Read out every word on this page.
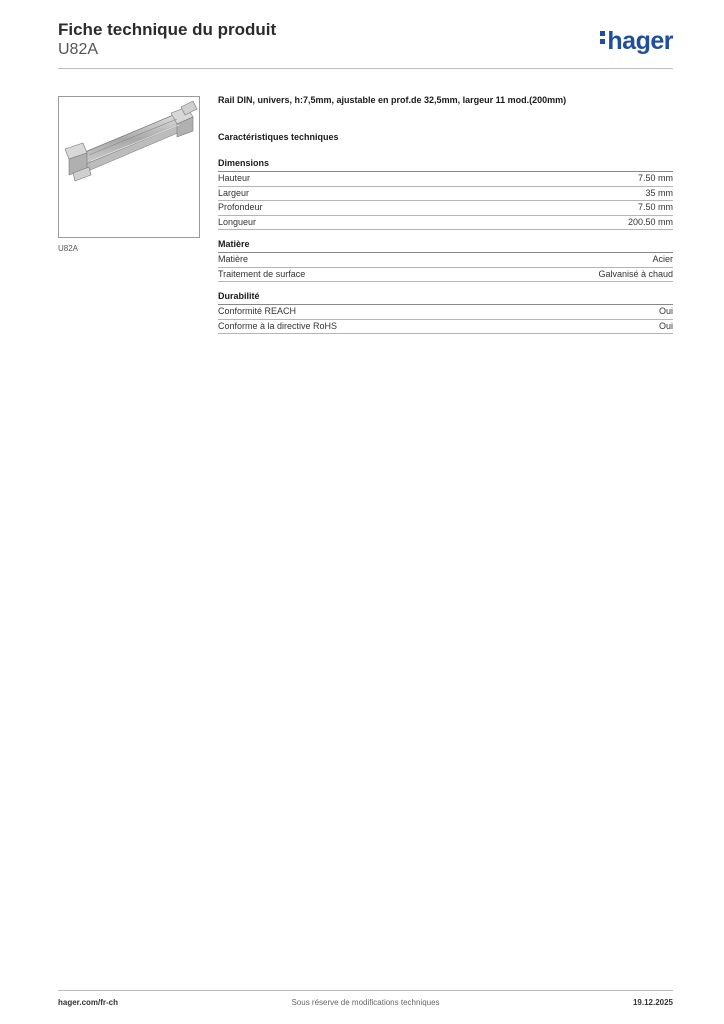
Fiche technique du produit

U82A	hager
U82A

Rail DIN, univers, h:7,5mm, ajustable en prof.de 32,5mm, largeur 11 mod.(200mm)

Caractéristiques techniques

Dimensions

Hauteur	7.50 mm
Largeur	35 mm
Profondeur	7.50 mm
Longueur	200.50 mm

Matière

Matière	Acier
Traitement de surface	Galvanisé à chaud

Durabilité

Conformité REACH	Oui
Conforme à la directive RoHS	Oui
hager.com/fr-ch	Sous réserve de modifications techniques	19.12.2025
